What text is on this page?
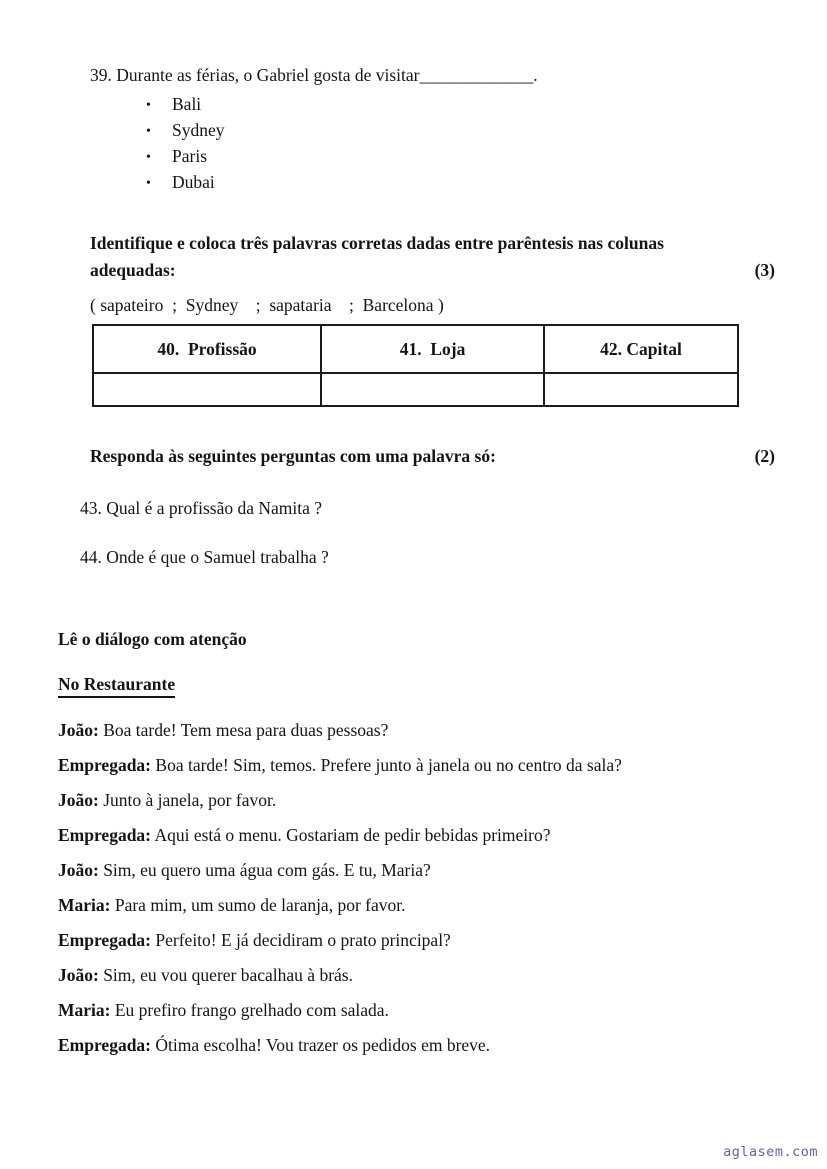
39. Durante as férias, o Gabriel gosta de visitar_____________.
• Bali
• Sydney
• Paris
• Dubai
Identifique e coloca três palavras corretas dadas entre parêntesis nas colunas adequadas:	(3)
( sapateiro  ;  Sydney    ;  sapataria    ;  Barcelona )
40.  Profissão	41.  Loja	42. Capital

Responda às seguintes perguntas com uma palavra só:	(2)
43. Qual é a profissão da Namita ?
44. Onde é que o Samuel trabalha ?
Lê o diálogo com atenção
No Restaurante

João: Boa tarde! Tem mesa para duas pessoas?

Empregada: Boa tarde! Sim, temos. Prefere junto à janela ou no centro da sala?

João: Junto à janela, por favor.

Empregada: Aqui está o menu. Gostariam de pedir bebidas primeiro?

João: Sim, eu quero uma água com gás. E tu, Maria?

Maria: Para mim, um sumo de laranja, por favor.

Empregada: Perfeito! E já decidiram o prato principal?

João: Sim, eu vou querer bacalhau à brás.

Maria: Eu prefiro frango grelhado com salada.

Empregada: Ótima escolha! Vou trazer os pedidos em breve.

aglasem.com
